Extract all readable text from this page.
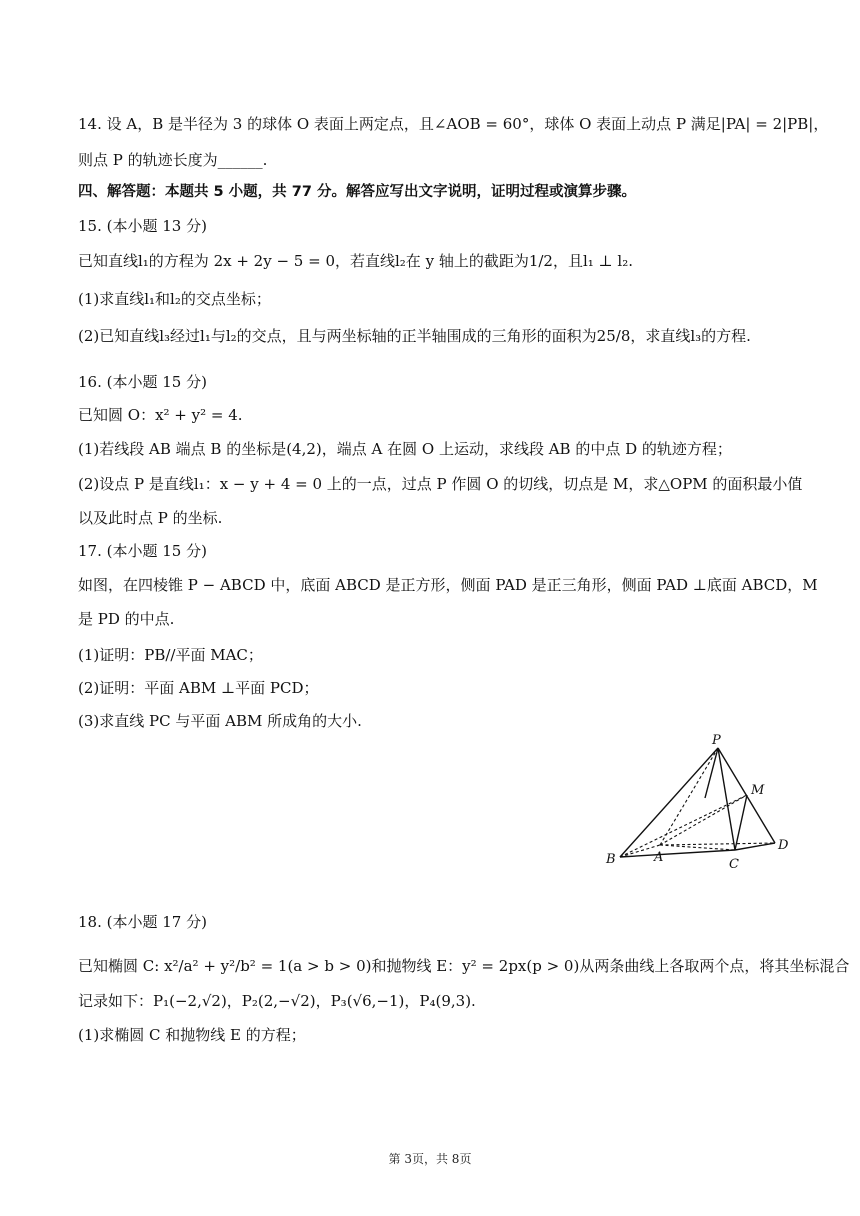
14. 设 A，B 是半径为 3 的球体 O 表面上两定点，且∠AOB = 60°，球体 O 表面上动点 P 满足|PA| = 2|PB|，
则点 P 的轨迹长度为______.
四、解答题：本题共 5 小题，共 77 分。解答应写出文字说明，证明过程或演算步骤。
15. (本小题 13 分)
已知直线l₁的方程为 2x + 2y − 5 = 0，若直线l₂在 y 轴上的截距为1/2，且l₁ ⊥ l₂.
(1)求直线l₁和l₂的交点坐标；
(2)已知直线l₃经过l₁与l₂的交点，且与两坐标轴的正半轴围成的三角形的面积为25/8，求直线l₃的方程.
16. (本小题 15 分)
已知圆 O：x² + y² = 4.
(1)若线段 AB 端点 B 的坐标是(4,2)，端点 A 在圆 O 上运动，求线段 AB 的中点 D 的轨迹方程；
(2)设点 P 是直线l₁：x − y + 4 = 0 上的一点，过点 P 作圆 O 的切线，切点是 M，求△OPM 的面积最小值
以及此时点 P 的坐标.
17. (本小题 15 分)
如图，在四棱锥 P − ABCD 中，底面 ABCD 是正方形，侧面 PAD 是正三角形，侧面 PAD ⊥底面 ABCD，M
是 PD 的中点.
(1)证明：PB//平面 MAC；
(2)证明：平面 ABM ⊥平面 PCD；
(3)求直线 PC 与平面 ABM 所成角的大小.
18. (本小题 17 分)
已知椭圆 C: x²/a² + y²/b² = 1(a > b > 0)和抛物线 E：y² = 2px(p > 0)从两条曲线上各取两个点，将其坐标混合
记录如下：P₁(−2,√2)，P₂(2,−√2)，P₃(√6,−1)，P₄(9,3).
(1)求椭圆 C 和抛物线 E 的方程；
P
M
A
B	C
D
第 3页，共 8页
